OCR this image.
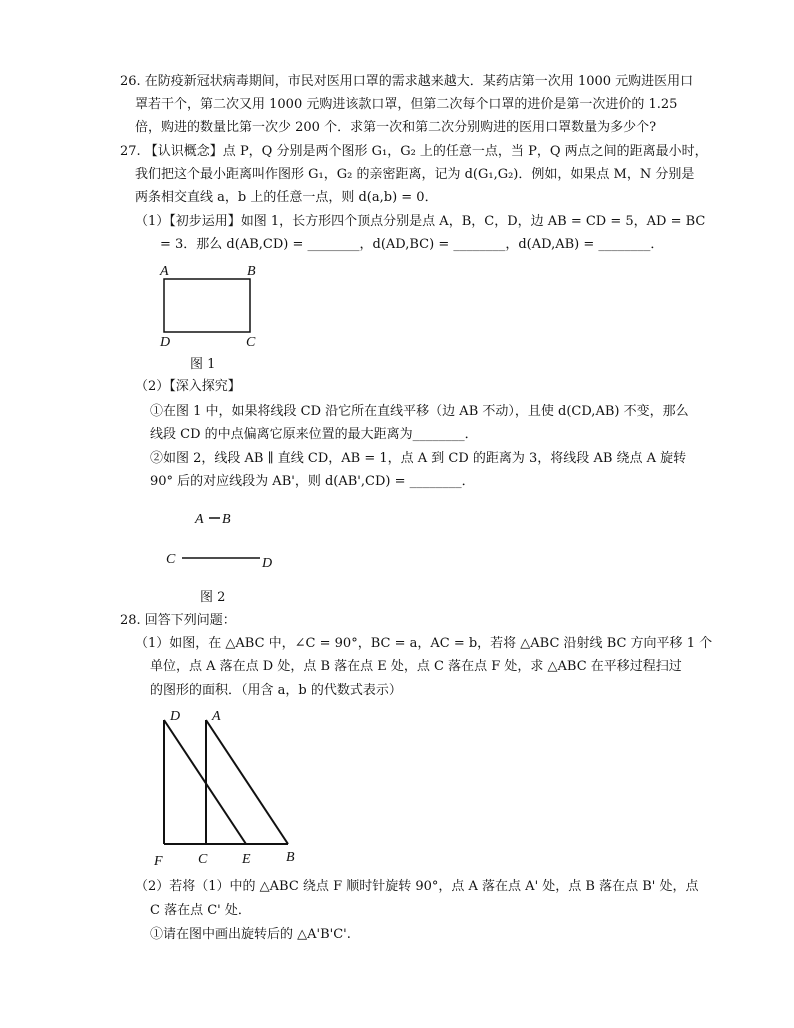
26. 在防疫新冠状病毒期间，市民对医用口罩的需求越来越大．某药店第一次用 1000 元购进医用口
罩若干个，第二次又用 1000 元购进该款口罩，但第二次每个口罩的进价是第一次进价的 1.25
倍，购进的数量比第一次少 200 个．求第一次和第二次分别购进的医用口罩数量为多少个?
27. 【认识概念】点 P，Q 分别是两个图形 G₁，G₂ 上的任意一点，当 P，Q 两点之间的距离最小时，
我们把这个最小距离叫作图形 G₁，G₂ 的亲密距离，记为 d(G₁,G₂)．例如，如果点 M，N 分别是
两条相交直线 a，b 上的任意一点，则 d(a,b) = 0．
（1）【初步运用】如图 1，长方形四个顶点分别是点 A，B，C，D，边 AB = CD = 5，AD = BC
= 3．那么 d(AB,CD) = ________，d(AD,BC) = ________，d(AD,AB) = ________．
A	B
D	C
图 1
（2）【深入探究】
①在图 1 中，如果将线段 CD 沿它所在直线平移（边 AB 不动），且使 d(CD,AB) 不变，那么
线段 CD 的中点偏离它原来位置的最大距离为________．
②如图 2，线段 AB ∥ 直线 CD，AB = 1，点 A 到 CD 的距离为 3，将线段 AB 绕点 A 旋转
90° 后的对应线段为 AB'，则 d(AB',CD) = ________．
A B
C	D
图 2
28. 回答下列问题：
（1）如图，在 △ABC 中，∠C = 90°，BC = a，AC = b，若将 △ABC 沿射线 BC 方向平移 1 个
单位，点 A 落在点 D 处，点 B 落在点 E 处，点 C 落在点 F 处，求 △ABC 在平移过程扫过
的图形的面积．（用含 a，b 的代数式表示）
D A
F	C E	B
（2）若将（1）中的 △ABC 绕点 F 顺时针旋转 90°，点 A 落在点 A' 处，点 B 落在点 B' 处，点
C 落在点 C' 处．
①请在图中画出旋转后的 △A'B'C'.
